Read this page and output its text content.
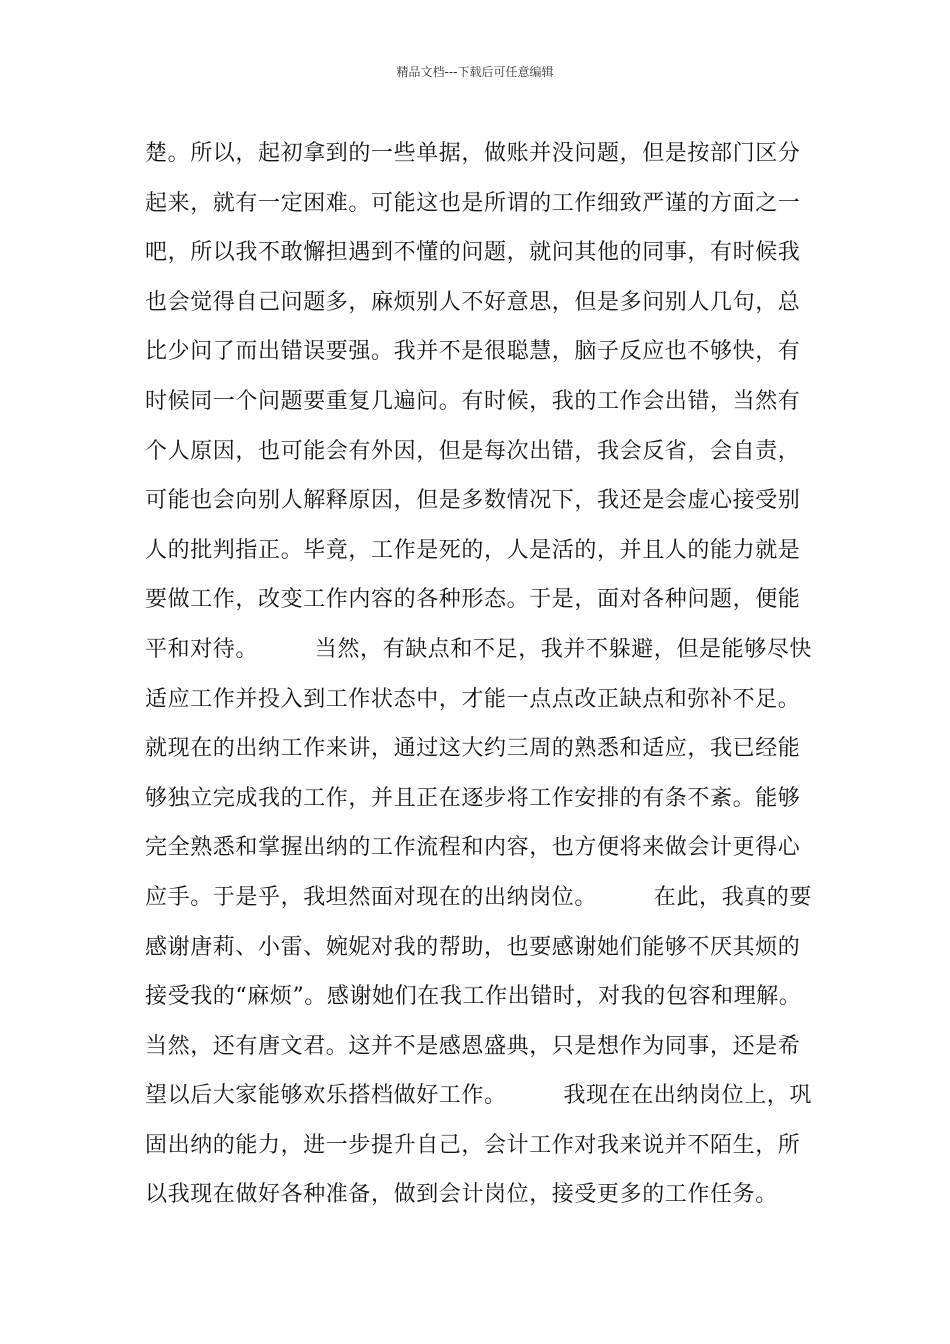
精品文档---下载后可任意编辑
楚。所以，起初拿到的一些单据，做账并没问题，但是按部门区分
起来，就有一定困难。可能这也是所谓的工作细致严谨的方面之一
吧，所以我不敢懈担遇到不懂的问题，就问其他的同事，有时候我
也会觉得自己问题多，麻烦别人不好意思，但是多问别人几句，总
比少问了而出错误要强。我并不是很聪慧，脑子反应也不够快，有
时候同一个问题要重复几遍问。有时候，我的工作会出错，当然有
个人原因，也可能会有外因，但是每次出错，我会反省，会自责，
可能也会向别人解释原因，但是多数情况下，我还是会虚心接受别
人的批判指正。毕竟，工作是死的，人是活的，并且人的能力就是
要做工作，改变工作内容的各种形态。于是，面对各种问题，便能
平和对待。　　　当然，有缺点和不足，我并不躲避，但是能够尽快
适应工作并投入到工作状态中，才能一点点改正缺点和弥补不足。
就现在的出纳工作来讲，通过这大约三周的熟悉和适应，我已经能
够独立完成我的工作，并且正在逐步将工作安排的有条不紊。能够
完全熟悉和掌握出纳的工作流程和内容，也方便将来做会计更得心
应手。于是乎，我坦然面对现在的出纳岗位。　　　在此，我真的要
感谢唐莉、小雷、婉妮对我的帮助，也要感谢她们能够不厌其烦的
接受我的“麻烦”。感谢她们在我工作出错时，对我的包容和理解。
当然，还有唐文君。这并不是感恩盛典，只是想作为同事，还是希
望以后大家能够欢乐搭档做好工作。　　　我现在在出纳岗位上，巩
固出纳的能力，进一步提升自己，会计工作对我来说并不陌生，所
以我现在做好各种准备，做到会计岗位，接受更多的工作任务。
